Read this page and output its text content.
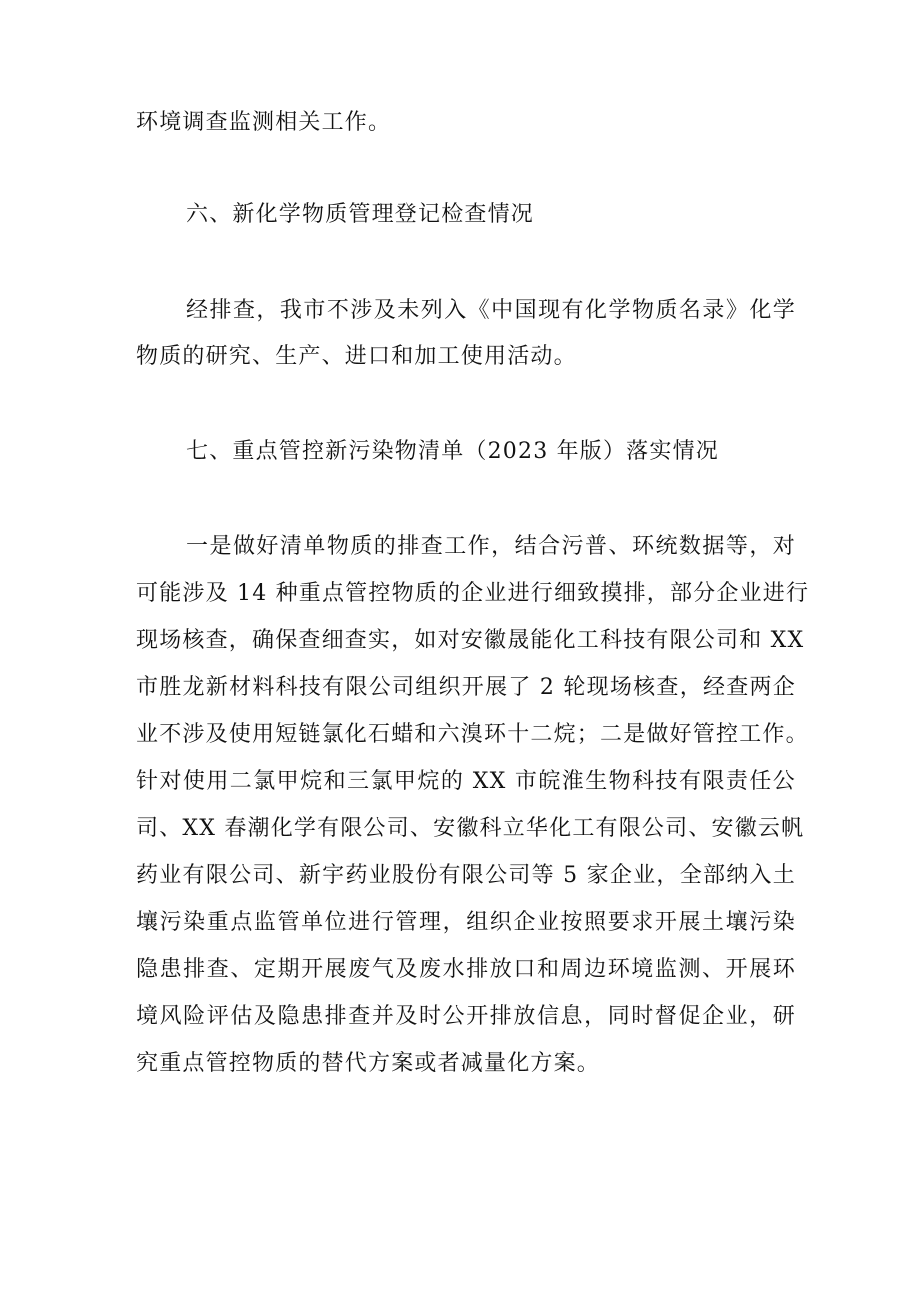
环境调查监测相关工作。
六、新化学物质管理登记检查情况
经排查，我市不涉及未列入《中国现有化学物质名录》化学
物质的研究、生产、进口和加工使用活动。
七、重点管控新污染物清单（2023 年版）落实情况
一是做好清单物质的排查工作，结合污普、环统数据等，对
可能涉及 14 种重点管控物质的企业进行细致摸排，部分企业进行
现场核查，确保查细查实，如对安徽晟能化工科技有限公司和 XX
市胜龙新材料科技有限公司组织开展了 2 轮现场核查，经查两企
业不涉及使用短链氯化石蜡和六溴环十二烷；二是做好管控工作。
针对使用二氯甲烷和三氯甲烷的 XX 市皖淮生物科技有限责任公
司、XX 春潮化学有限公司、安徽科立华化工有限公司、安徽云帆
药业有限公司、新宇药业股份有限公司等 5 家企业，全部纳入土
壤污染重点监管单位进行管理，组织企业按照要求开展土壤污染
隐患排查、定期开展废气及废水排放口和周边环境监测、开展环
境风险评估及隐患排查并及时公开排放信息，同时督促企业，研
究重点管控物质的替代方案或者减量化方案。
